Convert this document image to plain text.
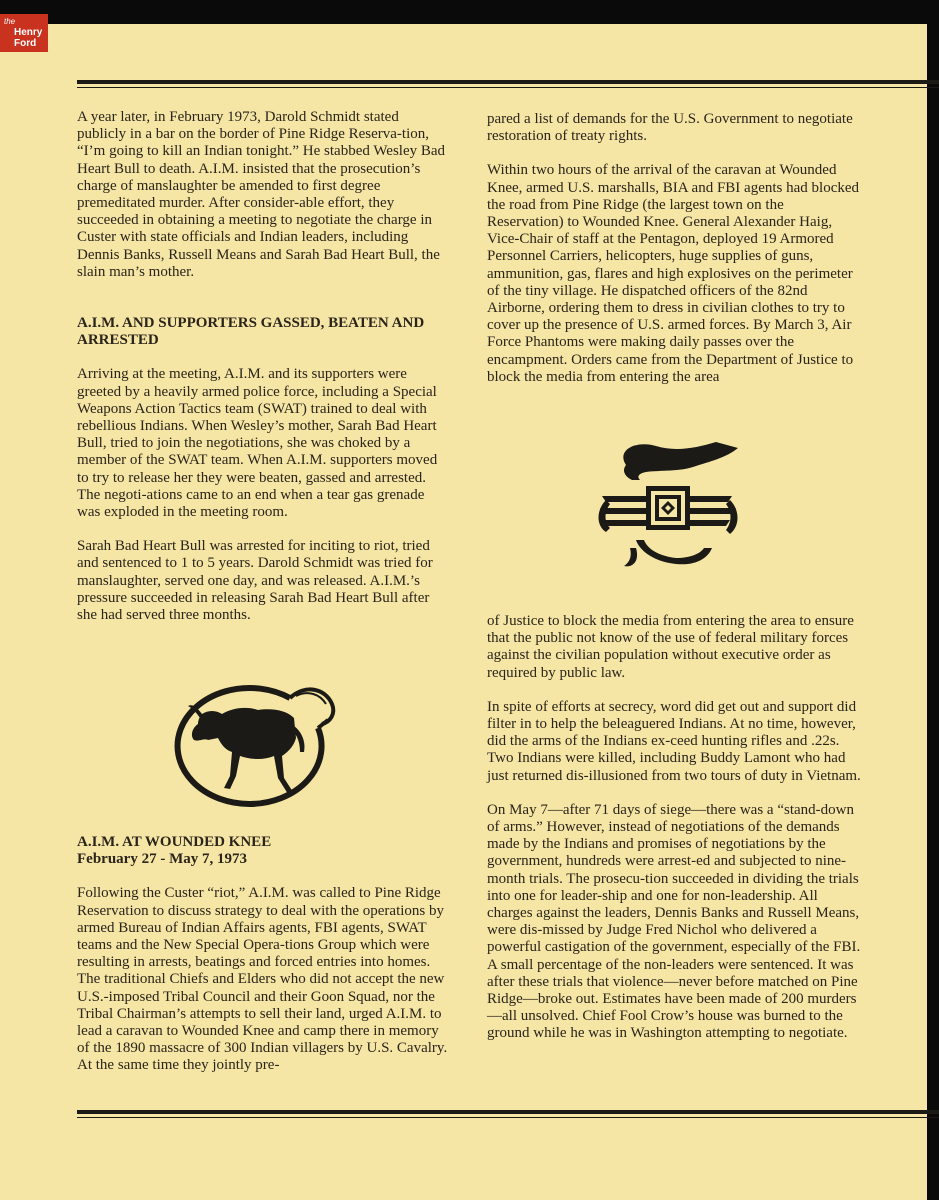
the
Henry
Ford

A year later, in February 1973, Darold Schmidt stated publicly in a bar on the border of Pine Ridge Reserva-tion, “I’m going to kill an Indian tonight.” He stabbed Wesley Bad Heart Bull to death. A.I.M. insisted that the prosecution’s charge of manslaughter be amended to first degree premeditated murder. After consider-able effort, they succeeded in obtaining a meeting to negotiate the charge in Custer with state officials and Indian leaders, including Dennis Banks, Russell Means and Sarah Bad Heart Bull, the slain man’s mother.

A.I.M. AND SUPPORTERS GASSED, BEATEN AND ARRESTED

Arriving at the meeting, A.I.M. and its supporters were greeted by a heavily armed police force, including a Special Weapons Action Tactics team (SWAT) trained to deal with rebellious Indians. When Wesley’s mother, Sarah Bad Heart Bull, tried to join the negotiations, she was choked by a member of the SWAT team. When A.I.M. supporters moved to try to release her they were beaten, gassed and arrested. The negoti-ations came to an end when a tear gas grenade was exploded in the meeting room.

Sarah Bad Heart Bull was arrested for inciting to riot, tried and sentenced to 1 to 5 years. Darold Schmidt was tried for manslaughter, served one day, and was released. A.I.M.’s pressure succeeded in releasing Sarah Bad Heart Bull after she had served three months.

A.I.M. AT WOUNDED KNEE
February 27 - May 7, 1973

Following the Custer “riot,” A.I.M. was called to Pine Ridge Reservation to discuss strategy to deal with the operations by armed Bureau of Indian Affairs agents, FBI agents, SWAT teams and the New Special Opera-tions Group which were resulting in arrests, beatings and forced entries into homes. The traditional Chiefs and Elders who did not accept the new U.S.-imposed Tribal Council and their Goon Squad, nor the Tribal Chairman’s attempts to sell their land, urged A.I.M. to lead a caravan to Wounded Knee and camp there in memory of the 1890 massacre of 300 Indian villagers by U.S. Cavalry. At the same time they jointly pre-

pared a list of demands for the U.S. Government to negotiate restoration of treaty rights.

Within two hours of the arrival of the caravan at Wounded Knee, armed U.S. marshalls, BIA and FBI agents had blocked the road from Pine Ridge (the largest town on the Reservation) to Wounded Knee. General Alexander Haig, Vice-Chair of staff at the Pentagon, deployed 19 Armored Personnel Carriers, helicopters, huge supplies of guns, ammunition, gas, flares and high explosives on the perimeter of the tiny village. He dispatched officers of the 82nd Airborne, ordering them to dress in civilian clothes to try to cover up the presence of U.S. armed forces. By March 3, Air Force Phantoms were making daily passes over the encampment. Orders came from the Department of Justice to block the media from entering the area

of Justice to block the media from entering the area to ensure that the public not know of the use of federal military forces against the civilian population without executive order as required by public law.

In spite of efforts at secrecy, word did get out and support did filter in to help the beleaguered Indians. At no time, however, did the arms of the Indians ex-ceed hunting rifles and .22s. Two Indians were killed, including Buddy Lamont who had just returned dis-illusioned from two tours of duty in Vietnam.

On May 7—after 71 days of siege—there was a “stand-down of arms.” However, instead of negotiations of the demands made by the Indians and promises of negotiations by the government, hundreds were arrest-ed and subjected to nine-month trials. The prosecu-tion succeeded in dividing the trials into one for leader-ship and one for non-leadership. All charges against the leaders, Dennis Banks and Russell Means, were dis-missed by Judge Fred Nichol who delivered a powerful castigation of the government, especially of the FBI. A small percentage of the non-leaders were sentenced. It was after these trials that violence—never before matched on Pine Ridge—broke out. Estimates have been made of 200 murders—all unsolved. Chief Fool Crow’s house was burned to the ground while he was in Washington attempting to negotiate.
